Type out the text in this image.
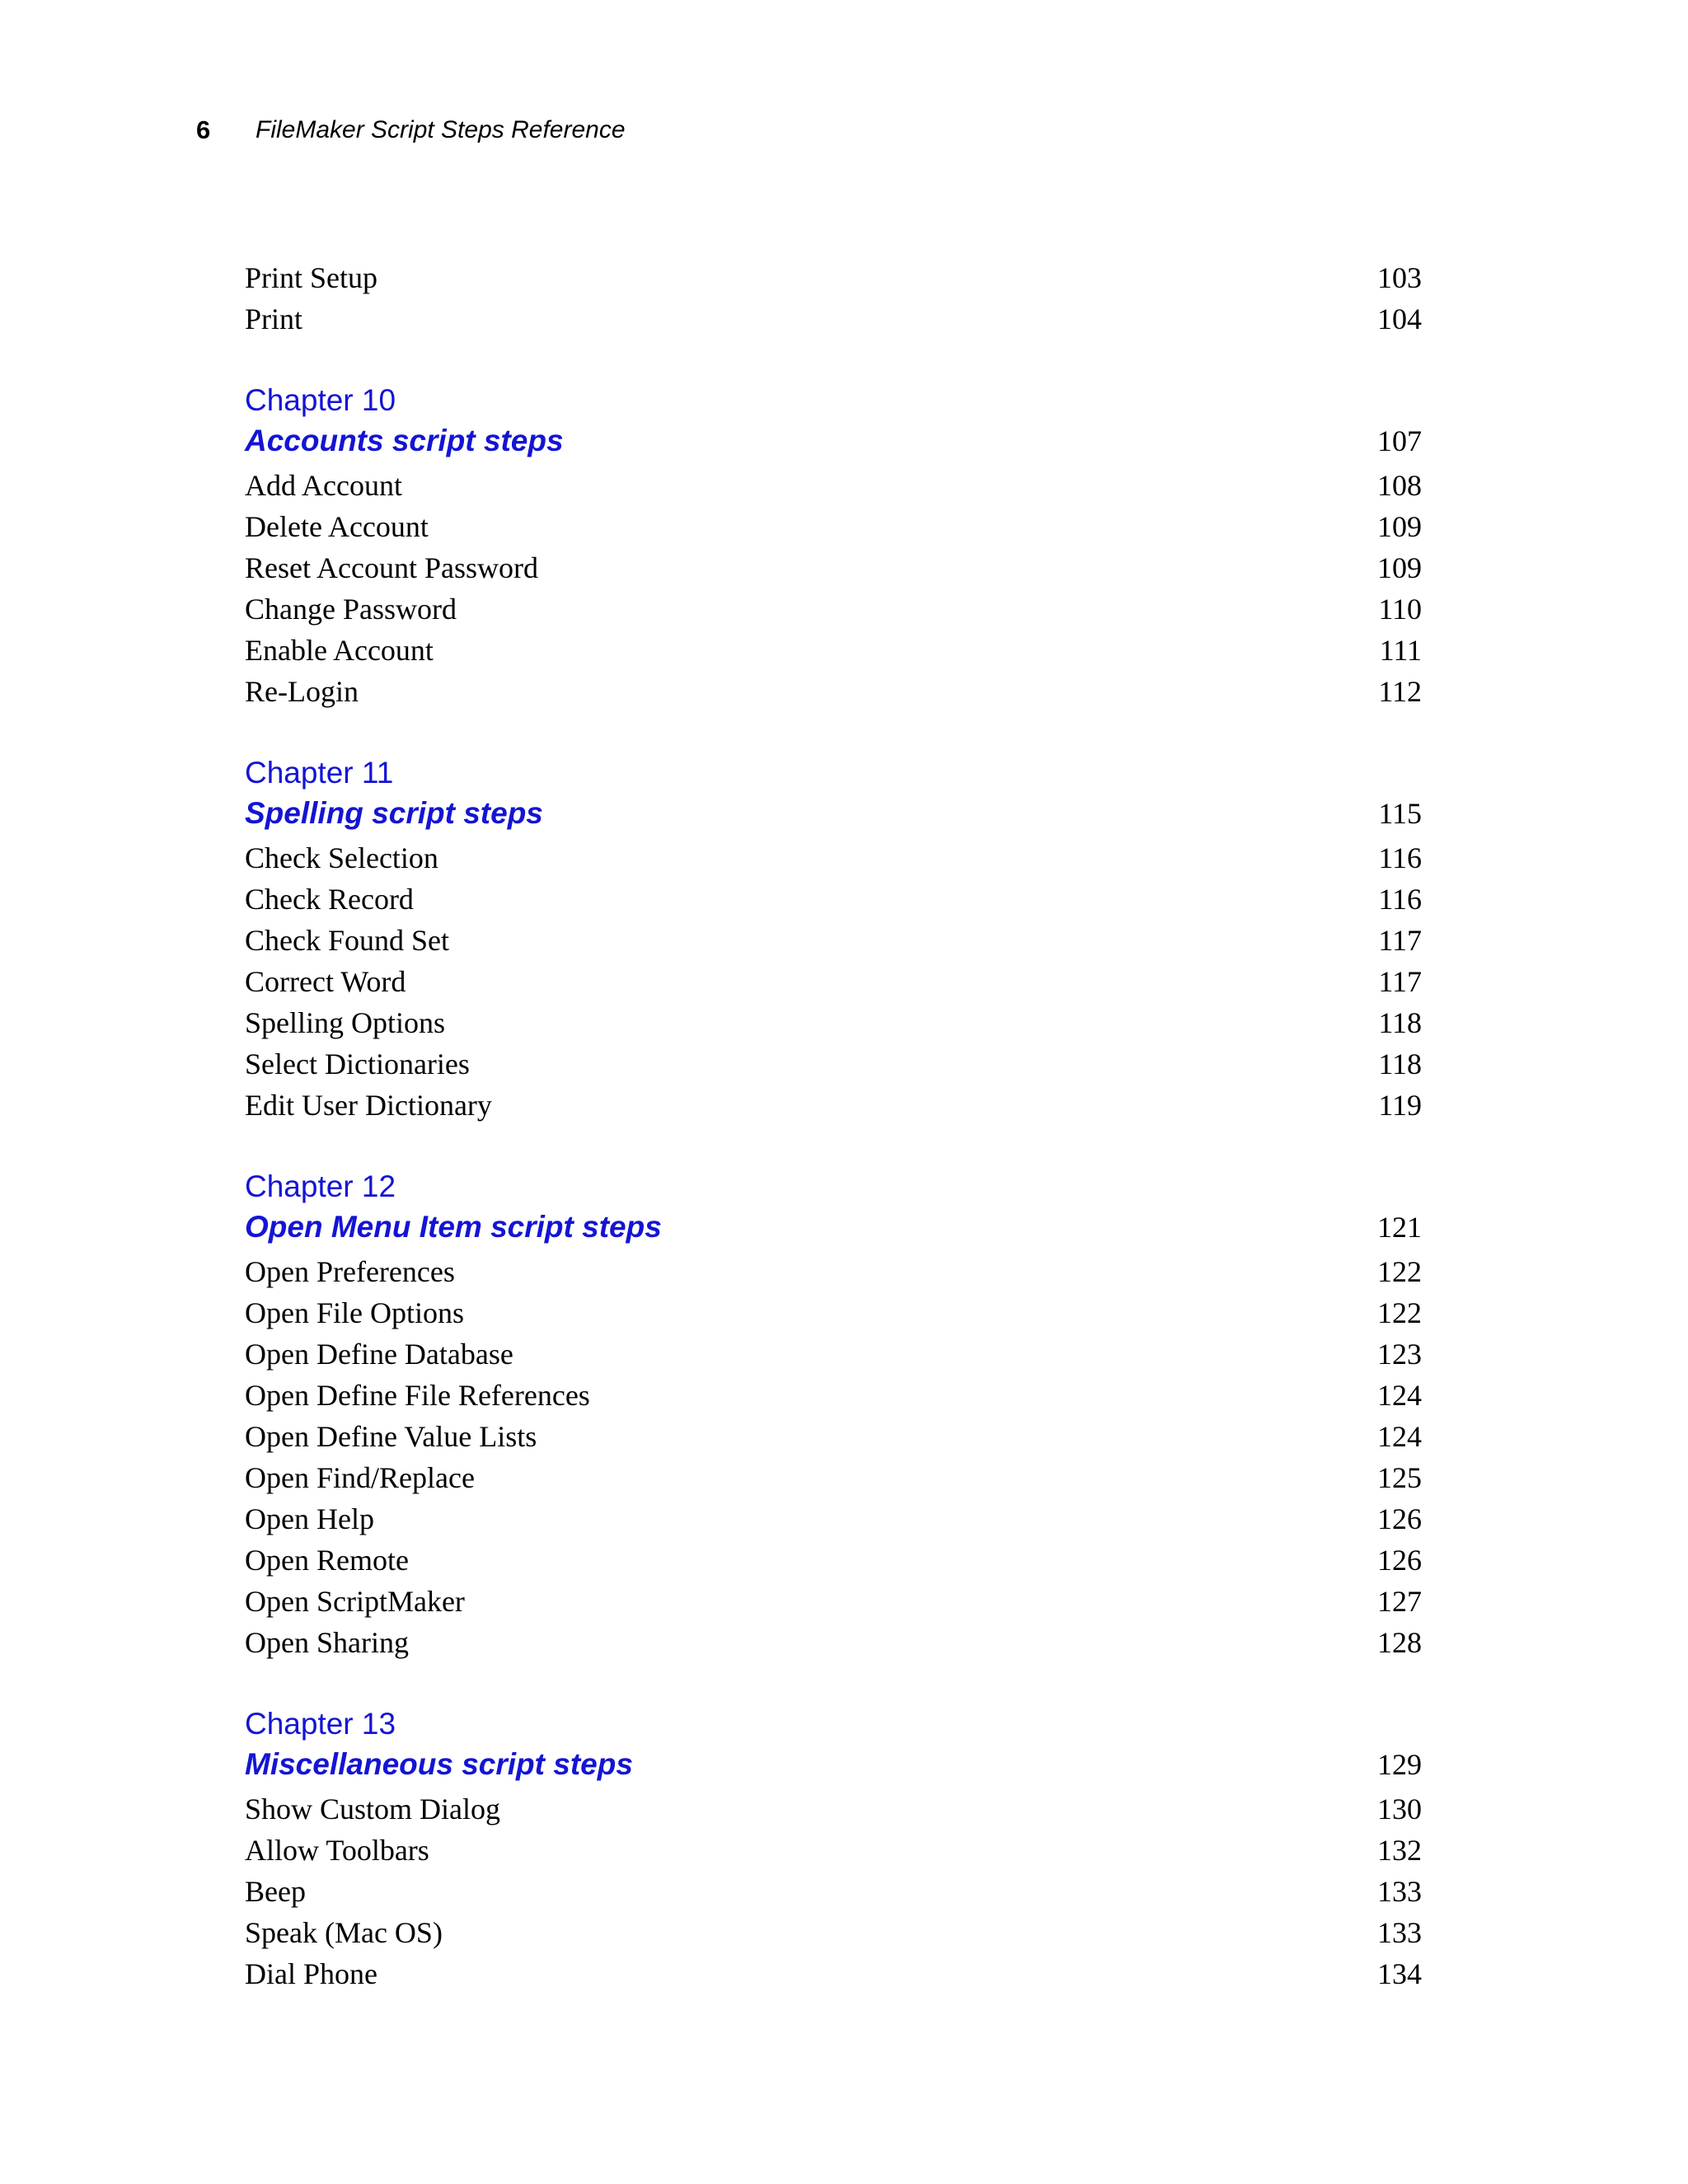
6	FileMaker Script Steps Reference
Print Setup	103
Print	104
Chapter 10
Accounts script steps	107
Add Account	108
Delete Account	109
Reset Account Password	109
Change Password	110
Enable Account	111
Re-Login	112
Chapter 11
Spelling script steps	115
Check Selection	116
Check Record	116
Check Found Set	117
Correct Word	117
Spelling Options	118
Select Dictionaries	118
Edit User Dictionary	119
Chapter 12
Open Menu Item script steps	121
Open Preferences	122
Open File Options	122
Open Define Database	123
Open Define File References	124
Open Define Value Lists	124
Open Find/Replace	125
Open Help	126
Open Remote	126
Open ScriptMaker	127
Open Sharing	128
Chapter 13
Miscellaneous script steps	129
Show Custom Dialog	130
Allow Toolbars	132
Beep	133
Speak (Mac OS)	133
Dial Phone	134
